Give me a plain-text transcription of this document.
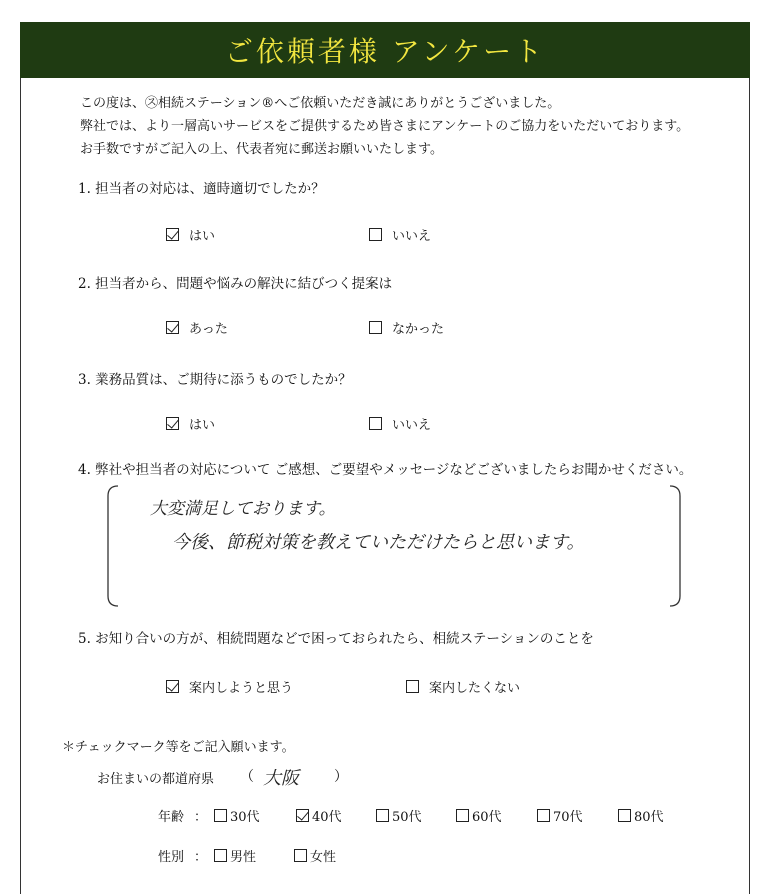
ご依頼者様 アンケート
この度は、㋜相続ステーション®へご依頼いただき誠にありがとうございました。
弊社では、より一層高いサービスをご提供するため皆さまにアンケートのご協力をいただいております。
お手数ですがご記入の上、代表者宛に郵送お願いいたします。
1. 担当者の対応は、適時適切でしたか？
はい	いいえ
2. 担当者から、問題や悩みの解決に結びつく提案は
あった	なかった
3. 業務品質は、ご期待に添うものでしたか？
はい	いいえ
4. 弊社や担当者の対応について ご感想、ご要望やメッセージなどございましたらお聞かせください。
大変満足しております。
今後、節税対策を教えていただけたらと思います。
5. お知り合いの方が、相続問題などで困っておられたら、相続ステーションのことを
案内しようと思う	案内したくない
＊チェックマーク等をご記入願います。
お住まいの都道府県 （ 大阪	）
年齢 ： 30代	40代	50代	60代	70代	80代
性別 ： 男性	女性
